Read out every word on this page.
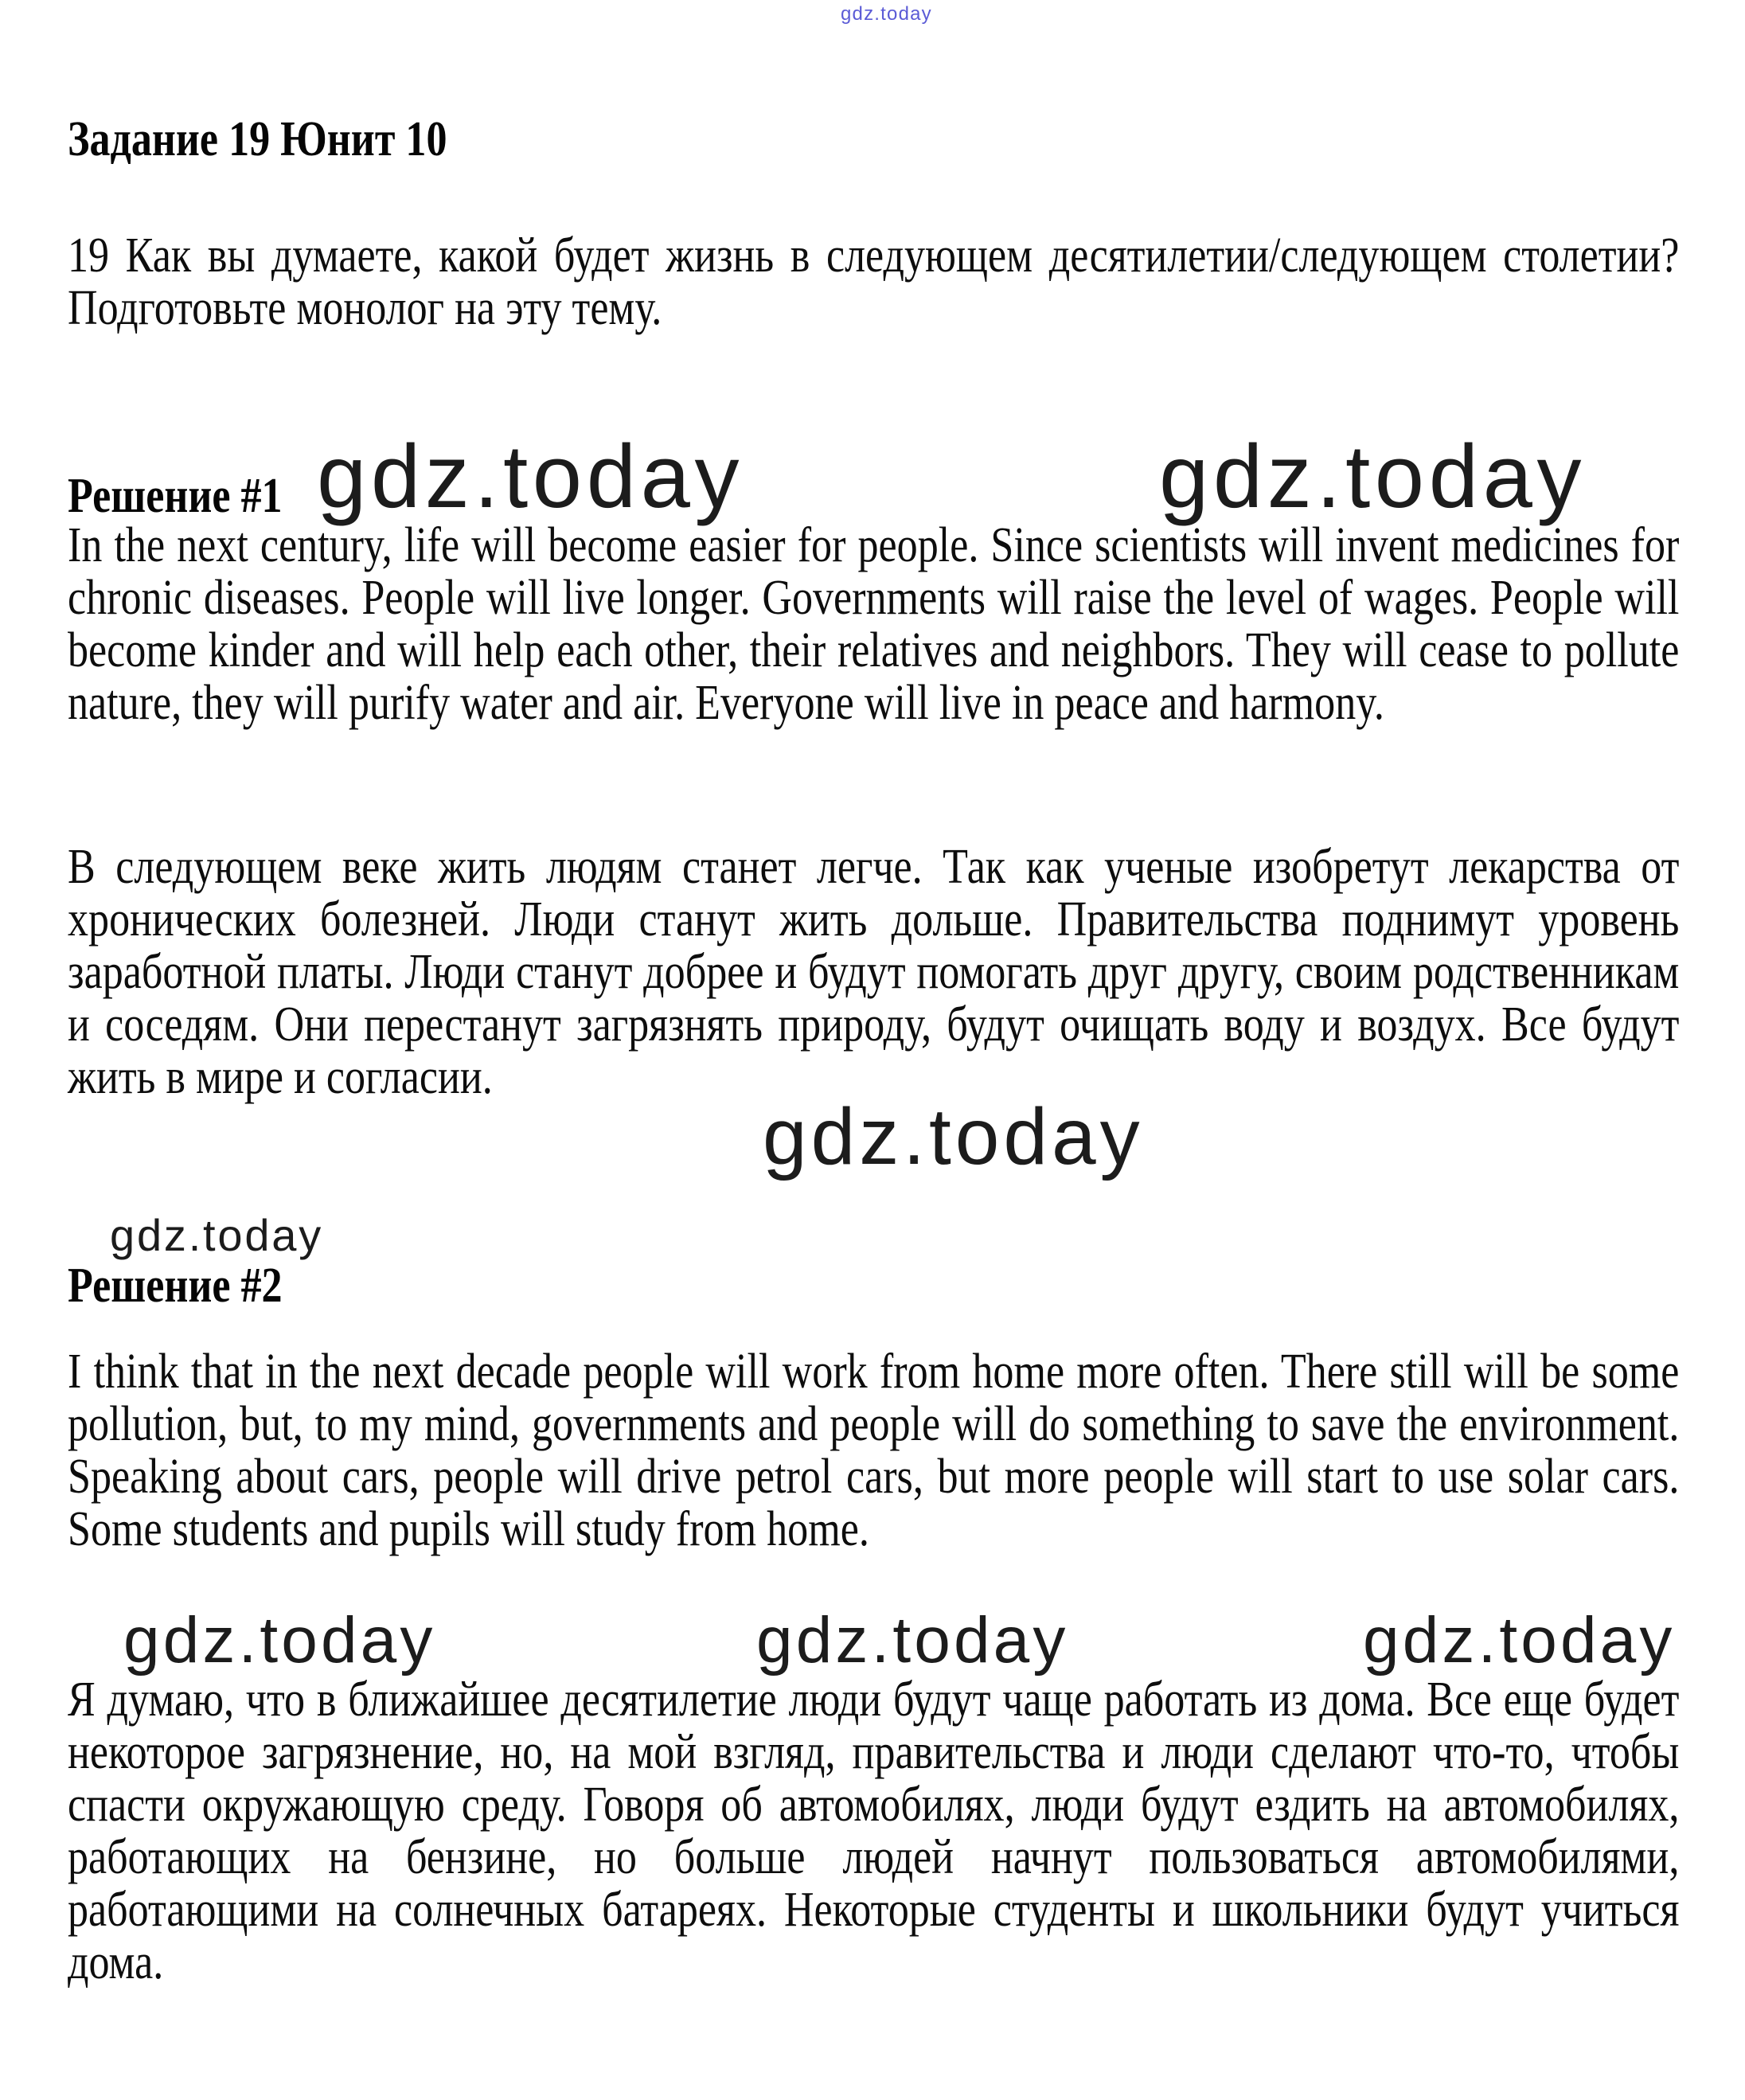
gdz.today
Задание 19 Юнит 10
19 Как вы думаете, какой будет жизнь в следующем десятилетии/следующем столетии? Подготовьте монолог на эту тему.
gdz.today	gdz.today
Решение #1
In the next century, life will become easier for people. Since scientists will invent medicines for chronic diseases. People will live longer. Governments will raise the level of wages. People will become kinder and will help each other, their relatives and neighbors. They will cease to pollute nature, they will purify water and air. Everyone will live in peace and harmony.
В следующем веке жить людям станет легче. Так как ученые изобретут лекарства от хронических болезней. Люди станут жить дольше. Правительства поднимут уровень заработной платы. Люди станут добрее и будут помогать друг другу, своим родственникам и соседям. Они перестанут загрязнять природу, будут очищать воду и воздух. Все будут жить в мире и согласии.
gdz.today
gdz.today
Решение #2
I think that in the next decade people will work from home more often. There still will be some pollution, but, to my mind, governments and people will do something to save the environment. Speaking about cars, people will drive petrol cars, but more people will start to use solar cars. Some students and pupils will study from home.
gdz.today	gdz.today	gdz.today
Я думаю, что в ближайшее десятилетие люди будут чаще работать из дома. Все еще будет некоторое загрязнение, но, на мой взгляд, правительства и люди сделают что-то, чтобы спасти окружающую среду. Говоря об автомобилях, люди будут ездить на автомобилях, работающих на бензине, но больше людей начнут пользоваться автомобилями, работающими на солнечных батареях. Некоторые студенты и школьники будут учиться дома.
